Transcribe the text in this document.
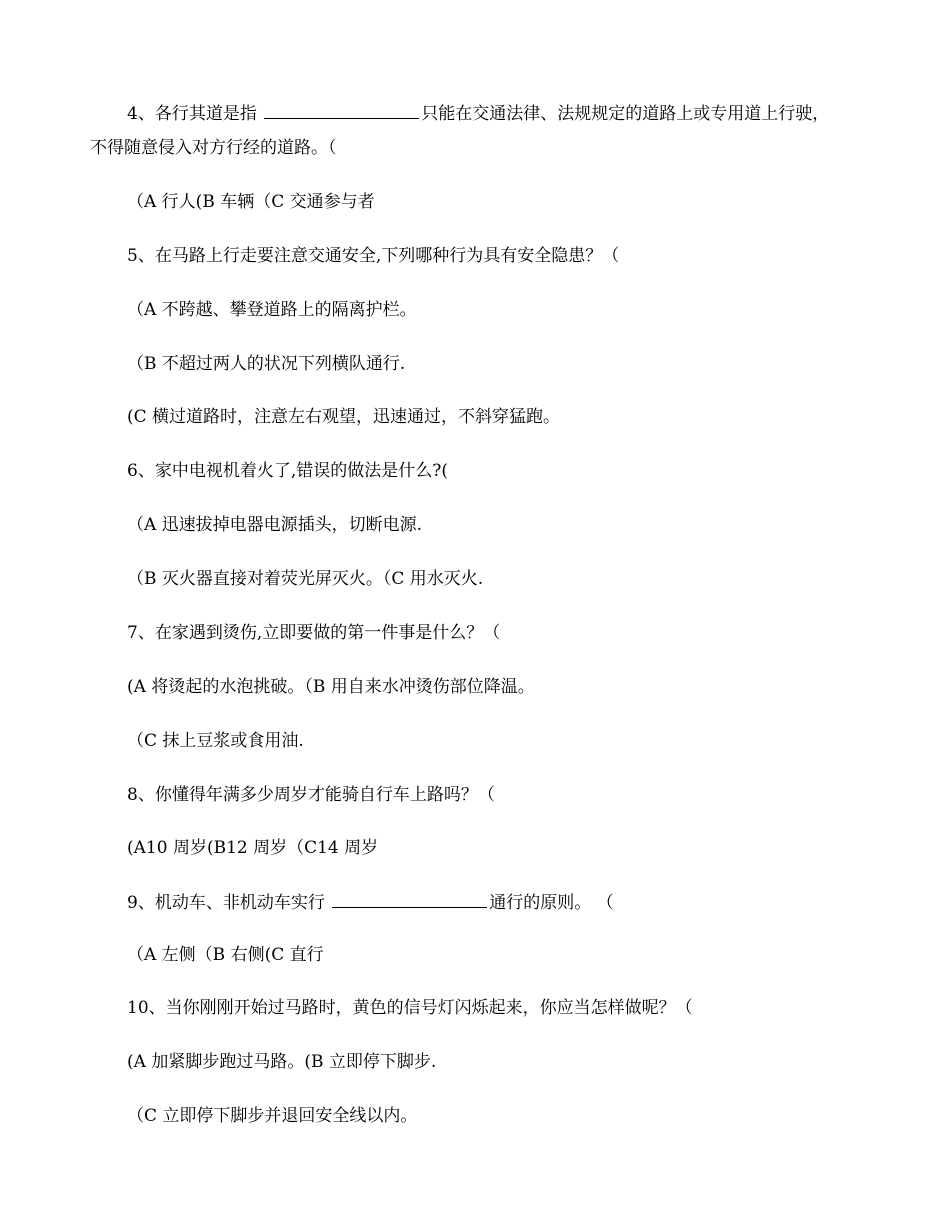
4、各行其道是指	只能在交通法律、法规规定的道路上或专用道上行驶，
不得随意侵入对方行经的道路。（
（A 行人(B 车辆（C 交通参与者
5、在马路上行走要注意交通安全,下列哪种行为具有安全隐患？（
（A 不跨越、攀登道路上的隔离护栏。
（B 不超过两人的状况下列横队通行.
(C 横过道路时，注意左右观望，迅速通过，不斜穿猛跑。
6、家中电视机着火了,错误的做法是什么?(
（A 迅速拔掉电器电源插头，切断电源.
（B 灭火器直接对着荧光屏灭火。（C 用水灭火.
7、在家遇到烫伤,立即要做的第一件事是什么？（
(A 将烫起的水泡挑破。（B 用自来水冲烫伤部位降温。
（C 抹上豆浆或食用油.
8、你懂得年满多少周岁才能骑自行车上路吗？（
(A10 周岁(B12 周岁（C14 周岁
9、机动车、非机动车实行	通行的原则。 （
（A 左侧（B 右侧(C 直行
10、当你刚刚开始过马路时，黄色的信号灯闪烁起来，你应当怎样做呢？（
(A 加紧脚步跑过马路。(B 立即停下脚步.
（C 立即停下脚步并退回安全线以内。
